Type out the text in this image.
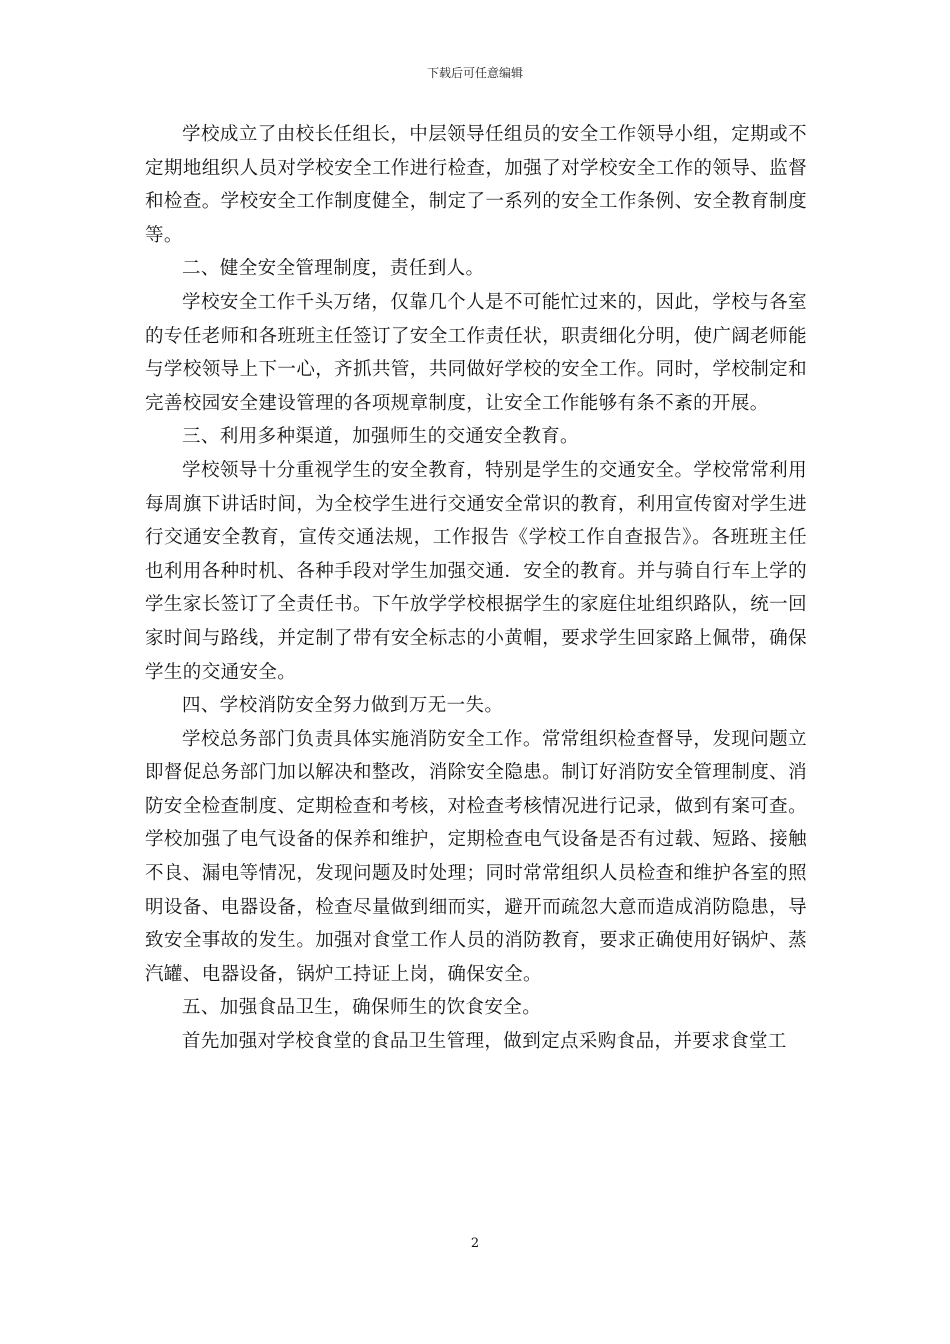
下载后可任意编辑

学校成立了由校长任组长，中层领导任组员的安全工作领导小组，定期或不定期地组织人员对学校安全工作进行检查，加强了对学校安全工作的领导、监督和检查。学校安全工作制度健全，制定了一系列的安全工作条例、安全教育制度等。

二、健全安全管理制度，责任到人。

学校安全工作千头万绪，仅靠几个人是不可能忙过来的，因此，学校与各室的专任老师和各班班主任签订了安全工作责任状，职责细化分明，使广阔老师能与学校领导上下一心，齐抓共管，共同做好学校的安全工作。同时，学校制定和完善校园安全建设管理的各项规章制度，让安全工作能够有条不紊的开展。

三、利用多种渠道，加强师生的交通安全教育。

学校领导十分重视学生的安全教育，特别是学生的交通安全。学校常常利用每周旗下讲话时间，为全校学生进行交通安全常识的教育，利用宣传窗对学生进行交通安全教育，宣传交通法规，工作报告《学校工作自查报告》。各班班主任也利用各种时机、各种手段对学生加强交通．安全的教育。并与骑自行车上学的学生家长签订了全责任书。下午放学学校根据学生的家庭住址组织路队，统一回家时间与路线，并定制了带有安全标志的小黄帽，要求学生回家路上佩带，确保学生的交通安全。

四、学校消防安全努力做到万无一失。

学校总务部门负责具体实施消防安全工作。常常组织检查督导，发现问题立即督促总务部门加以解决和整改，消除安全隐患。制订好消防安全管理制度、消防安全检查制度、定期检查和考核，对检查考核情况进行记录，做到有案可查。学校加强了电气设备的保养和维护，定期检查电气设备是否有过载、短路、接触不良、漏电等情况，发现问题及时处理；同时常常组织人员检查和维护各室的照明设备、电器设备，检查尽量做到细而实，避开而疏忽大意而造成消防隐患，导致安全事故的发生。加强对食堂工作人员的消防教育，要求正确使用好锅炉、蒸汽罐、电器设备，锅炉工持证上岗，确保安全。

五、加强食品卫生，确保师生的饮食安全。

首先加强对学校食堂的食品卫生管理，做到定点采购食品，并要求食堂工

2
